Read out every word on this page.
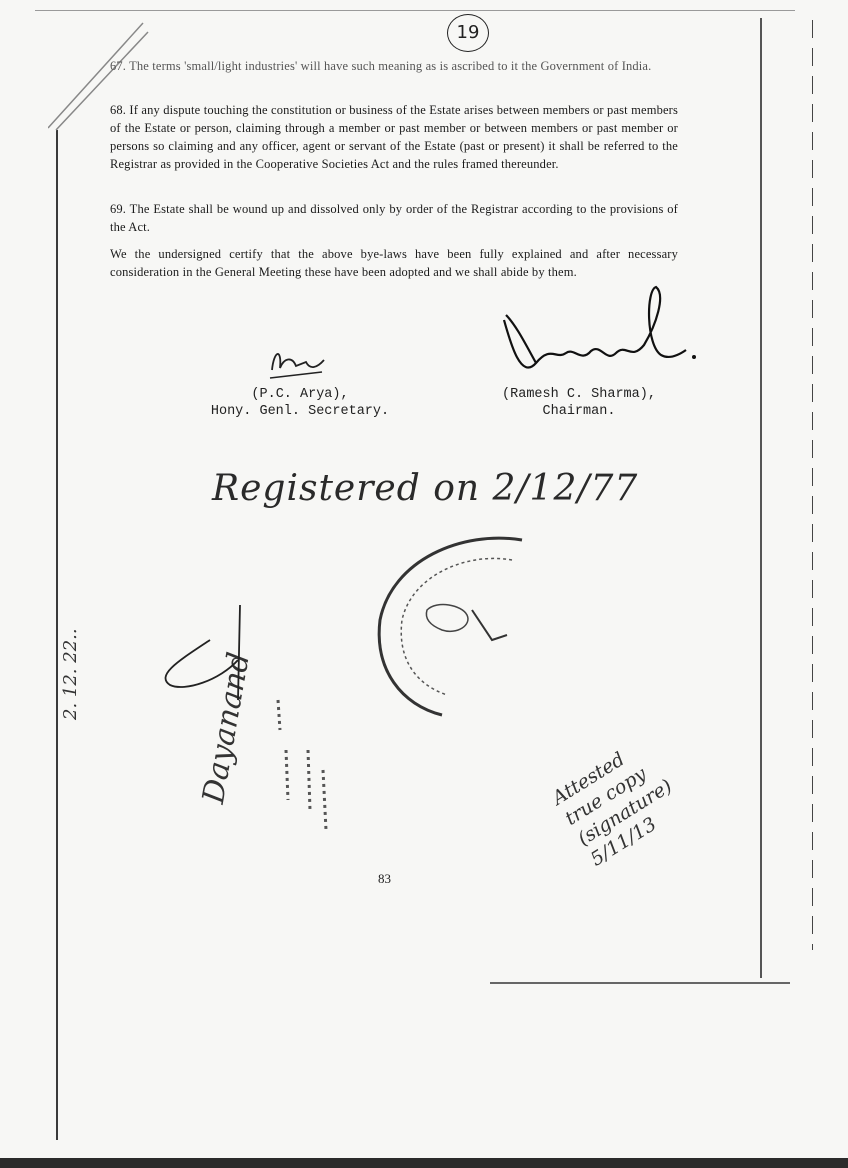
19

67. The terms 'small/light industries' will have such meaning as is ascribed to it the Government of India.

68. If any dispute touching the constitution or business of the Estate arises between members or past members of the Estate or person, claiming through a member or past member or between members or past member or persons so claiming and any officer, agent or servant of the Estate (past or present) it shall be referred to the Registrar as provided in the Cooperative Societies Act and the rules framed thereunder.

69. The Estate shall be wound up and dissolved only by order of the Registrar according to the provisions of the Act.

We the undersigned certify that the above bye-laws have been fully explained and after necessary consideration in the General Meeting these have been adopted and we shall abide by them.

(P.C. Arya),
Hony. Genl. Secretary.
(Ramesh C. Sharma),
Chairman.
Registered on 2/12/77
2. 12. 22..	Dayanand	Attested
true copy
(signature)
5/11/13
83
